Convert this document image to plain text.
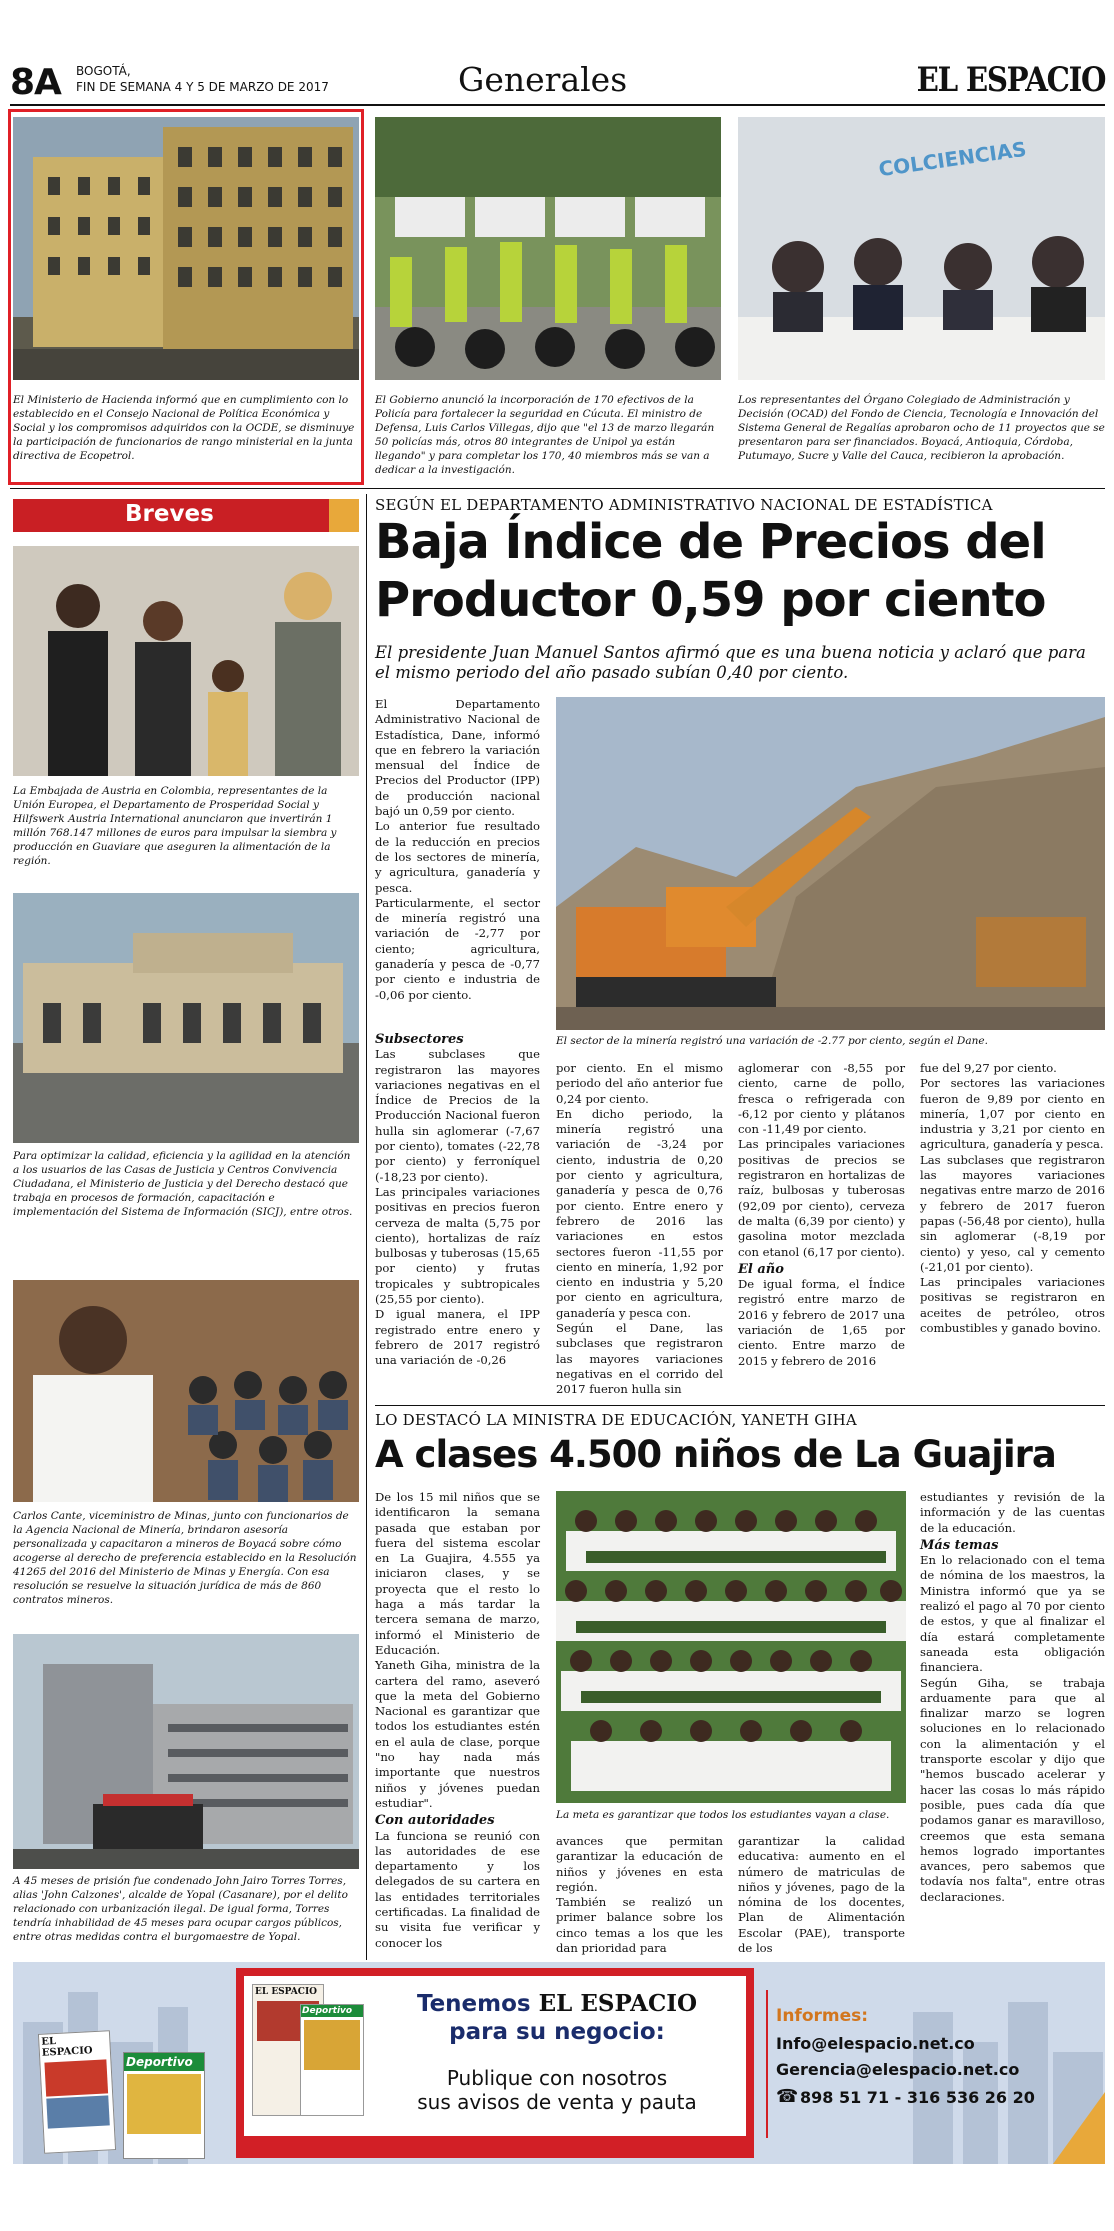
8A BOGOTÁ,
FIN DE SEMANA 4 Y 5 DE MARZO DE 2017	Generales	EL ESPACIO

El Ministerio de Hacienda informó que en cumplimiento con lo establecido en el Consejo Nacional de Política Económica y Social y los compromisos adquiridos con la OCDE, se disminuye la participación de funcionarios de rango ministerial en la junta directiva de Ecopetrol.

El Gobierno anunció la incorporación de 170 efectivos de la Policía para fortalecer la seguridad en Cúcuta. El ministro de Defensa, Luis Carlos Villegas, dijo que "el 13 de marzo llegarán 50 policías más, otros 80 integrantes de Unipol ya están llegando" y para completar los 170, 40 miembros más se van a dedicar a la investigación.

COLCIENCIAS

Los representantes del Órgano Colegiado de Administración y Decisión (OCAD) del Fondo de Ciencia, Tecnología e Innovación del Sistema General de Regalías aprobaron ocho de 11 proyectos que se presentaron para ser financiados. Boyacá, Antioquia, Córdoba, Putumayo, Sucre y Valle del Cauca, recibieron la aprobación.

Breves

La Embajada de Austria en Colombia, representantes de la Unión Europea, el Departamento de Prosperidad Social y Hilfswerk Austria International anunciaron que invertirán 1 millón 768.147 millones de euros para impulsar la siembra y producción en Guaviare que aseguren la alimentación de la región.

Para optimizar la calidad, eficiencia y la agilidad en la atención a los usuarios de las Casas de Justicia y Centros Convivencia Ciudadana, el Ministerio de Justicia y del Derecho destacó que trabaja en procesos de formación, capacitación e implementación del Sistema de Información (SICJ), entre otros.

Carlos Cante, viceministro de Minas, junto con funcionarios de la Agencia Nacional de Minería, brindaron asesoría personalizada y capacitaron a mineros de Boyacá sobre cómo acogerse al derecho de preferencia establecido en la Resolución 41265 del 2016 del Ministerio de Minas y Energía. Con esa resolución se resuelve la situación jurídica de más de 860 contratos mineros.

A 45 meses de prisión fue condenado John Jairo Torres Torres, alias 'John Calzones', alcalde de Yopal (Casanare), por el delito relacionado con urbanización ilegal. De igual forma, Torres tendría inhabilidad de 45 meses para ocupar cargos públicos, entre otras medidas contra el burgomaestre de Yopal.

SEGÚN EL DEPARTAMENTO ADMINISTRATIVO NACIONAL DE ESTADÍSTICA
Baja Índice de Precios del Productor 0,59 por ciento

El presidente Juan Manuel Santos afirmó que es una buena noticia y aclaró que para el mismo periodo del año pasado subían 0,40 por ciento.

El Departamento Administrativo Nacional de Estadística, Dane, informó que en febrero la variación mensual del Índice de Precios del Productor (IPP) de producción nacional bajó un 0,59 por ciento.
Lo anterior fue resultado de la reducción en precios de los sectores de minería, y agricultura, ganadería y pesca.
Particularmente, el sector de minería registró una variación de -2,77 por ciento; agricultura, ganadería y pesca de -0,77 por ciento e industria de -0,06 por ciento.

El sector de la minería registró una variación de -2.77 por ciento, según el Dane.

Subsectores
Las subclases que registraron las mayores variaciones negativas en el Índice de Precios de la Producción Nacional fueron hulla sin aglomerar (-7,67 por ciento), tomates (-22,78 por ciento) y ferroníquel (-18,23 por ciento).
Las principales variaciones positivas en precios fueron cerveza de malta (5,75 por ciento), hortalizas de raíz bulbosas y tuberosas (15,65 por ciento) y frutas tropicales y subtropicales (25,55 por ciento).
D igual manera, el IPP registrado entre enero y febrero de 2017 registró una variación de -0,26
por ciento. En el mismo periodo del año anterior fue 0,24 por ciento.
En dicho periodo, la minería registró una variación de -3,24 por ciento, industria de 0,20 por ciento y agricultura, ganadería y pesca de 0,76 por ciento. Entre enero y febrero de 2016 las variaciones en estos sectores fueron -11,55 por ciento en minería, 1,92 por ciento en industria y 5,20 por ciento en agricultura, ganadería y pesca con.
Según el Dane, las subclases que registraron las mayores variaciones negativas en el corrido del 2017 fueron hulla sin
aglomerar con -8,55 por ciento, carne de pollo, fresca o refrigerada con -6,12 por ciento y plátanos con -11,49 por ciento.
Las principales variaciones positivas de precios se registraron en hortalizas de raíz, bulbosas y tuberosas (92,09 por ciento), cerveza de malta (6,39 por ciento) y gasolina motor mezclada con etanol (6,17 por ciento).
El año
De igual forma, el Índice registró entre marzo de 2016 y febrero de 2017 una variación de 1,65 por ciento. Entre marzo de 2015 y febrero de 2016
fue del 9,27 por ciento.
Por sectores las variaciones fueron de 9,89 por ciento en minería, 1,07 por ciento en industria y 3,21 por ciento en agricultura, ganadería y pesca.
Las subclases que registraron las mayores variaciones negativas entre marzo de 2016 y febrero de 2017 fueron papas (-56,48 por ciento), hulla sin aglomerar (-8,19 por ciento) y yeso, cal y cemento (-21,01 por ciento).
Las principales variaciones positivas se registraron en aceites de petróleo, otros combustibles y ganado bovino.
LO DESTACÓ LA MINISTRA DE EDUCACIÓN, YANETH GIHA
A clases 4.500 niños de La Guajira
De los 15 mil niños que se identificaron la semana pasada que estaban por fuera del sistema escolar en La Guajira, 4.555 ya iniciaron clases, y se proyecta que el resto lo haga a más tardar la tercera semana de marzo, informó el Ministerio de Educación.
Yaneth Giha, ministra de la cartera del ramo, aseveró que la meta del Gobierno Nacional es garantizar que todos los estudiantes estén en el aula de clase, porque "no hay nada más importante que nuestros niños y jóvenes puedan estudiar".
Con autoridades
La funciona se reunió con las autoridades de ese departamento y los delegados de su cartera en las entidades territoriales certificadas. La finalidad de su visita fue verificar y conocer los

La meta es garantizar que todos los estudiantes vayan a clase.

avances que permitan garantizar la educación de niños y jóvenes en esta región.
También se realizó un primer balance sobre los cinco temas a los que les dan prioridad para
garantizar la calidad educativa: aumento en el número de matriculas de niños y jóvenes, pago de la nómina de los docentes, Plan de Alimentación Escolar (PAE), transporte de los
estudiantes y revisión de la información y de las cuentas de la educación.
Más temas
En lo relacionado con el tema de nómina de los maestros, la Ministra informó que ya se realizó el pago al 70 por ciento de estos, y que al finalizar el día estará completamente saneada esta obligación financiera.
Según Giha, se trabaja arduamente para que al finalizar marzo se logren soluciones en lo relacionado con la alimentación y el transporte escolar y dijo que "hemos buscado acelerar y hacer las cosas lo más rápido posible, pues cada día que podamos ganar es maravilloso, creemos que esta semana hemos logrado importantes avances, pero sabemos que todavía nos falta", entre otras declaraciones.
EL ESPACIO
Deportivo
EL ESPACIO
Deportivo	Tenemos EL ESPACIO
para su negocio:
Publique con nosotros
sus avisos de venta y pauta
Informes:
Info@elespacio.net.co
Gerencia@elespacio.net.co
☎ 898 51 71 - 316 536 26 20
